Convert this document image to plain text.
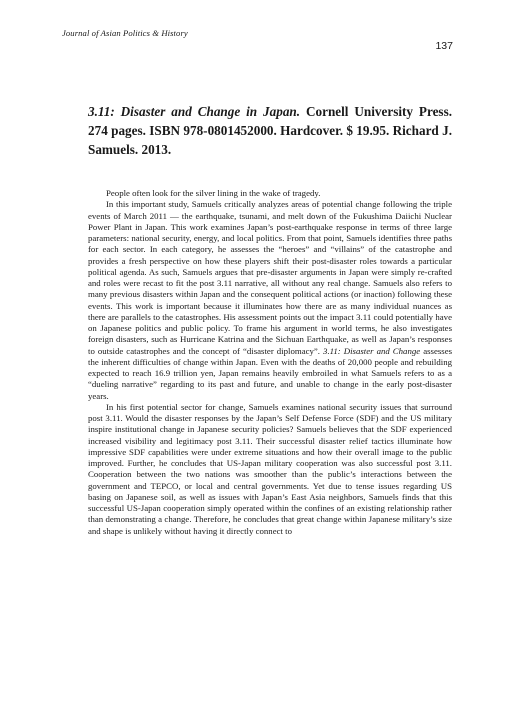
Journal of Asian Politics & History
137
3.11: Disaster and Change in Japan. Cornell University Press. 274 pages. ISBN 978-0801452000. Hardcover. $ 19.95. Richard J. Samuels. 2013.

People often look for the silver lining in the wake of tragedy.

In this important study, Samuels critically analyzes areas of potential change following the triple events of March 2011 — the earthquake, tsunami, and melt down of the Fukushima Daiichi Nuclear Power Plant in Japan. This work examines Japan’s post-earthquake response in terms of three large parameters: national security, energy, and local politics. From that point, Samuels identifies three paths for each sector. In each category, he assesses the “heroes” and “villains” of the catastrophe and provides a fresh perspective on how these players shift their post-disaster roles towards a particular political agenda. As such, Samuels argues that pre-disaster arguments in Japan were simply re-crafted and roles were recast to fit the post 3.11 narrative, all without any real change. Samuels also refers to many previous disasters within Japan and the consequent political actions (or inaction) following these events. This work is important because it illuminates how there are as many individual nuances as there are parallels to the catastrophes. His assessment points out the impact 3.11 could potentially have on Japanese politics and public policy. To frame his argument in world terms, he also investigates foreign disasters, such as Hurricane Katrina and the Sichuan Earthquake, as well as Japan’s responses to outside catastrophes and the concept of “disaster diplomacy”. 3.11: Disaster and Change assesses the inherent difficulties of change within Japan. Even with the deaths of 20,000 people and rebuilding expected to reach 16.9 trillion yen, Japan remains heavily embroiled in what Samuels refers to as a “dueling narrative” regarding to its past and future, and unable to change in the early post-disaster years.

In his first potential sector for change, Samuels examines national security issues that surround post 3.11. Would the disaster responses by the Japan’s Self Defense Force (SDF) and the US military inspire institutional change in Japanese security policies? Samuels believes that the SDF experienced increased visibility and legitimacy post 3.11. Their successful disaster relief tactics illuminate how impressive SDF capabilities were under extreme situations and how their overall image to the public improved. Further, he concludes that US-Japan military cooperation was also successful post 3.11. Cooperation between the two nations was smoother than the public’s interactions between the government and TEPCO, or local and central governments. Yet due to tense issues regarding US basing on Japanese soil, as well as issues with Japan’s East Asia neighbors, Samuels finds that this successful US-Japan cooperation simply operated within the confines of an existing relationship rather than demonstrating a change. Therefore, he concludes that great change within Japanese military’s size and shape is unlikely without having it directly connect to
